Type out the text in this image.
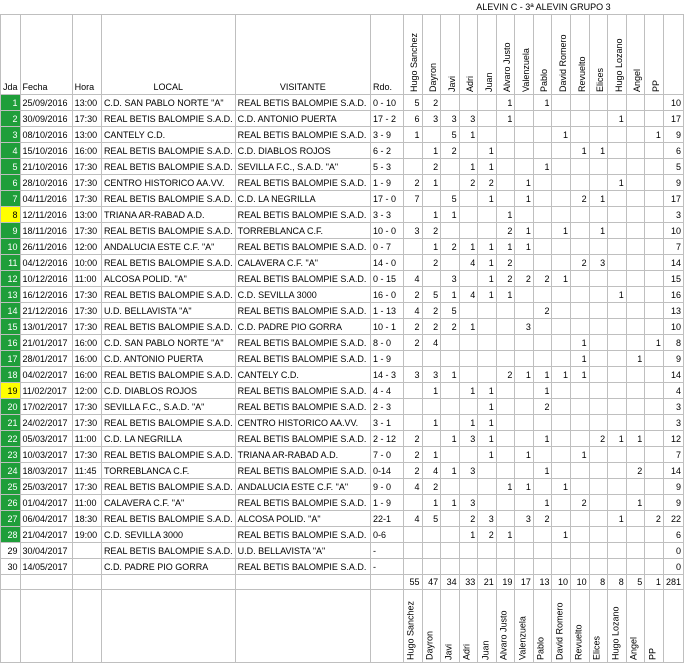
						ALEVIN C - 3ª ALEVIN GRUPO 3														
Jda	Fecha	Hora	LOCAL	VISITANTE	Rdo.	Hugo Sanchez	Dayron	Javi	Adri	Juan	Alvaro Justo	Valenzuela	Pablo	David Romero	Revuelto	Elices	Hugo Lozano	Angel	PP	
1	25/09/2016	13:00	C.D. SAN PABLO NORTE "A"	REAL BETIS BALOMPIE S.A.D.	0 - 10	5	2				1		1							10
2	30/09/2016	17:30	REAL BETIS BALOMPIE S.A.D.	C.D. ANTONIO PUERTA	17 - 2	6	3	3	3		1						1			17
3	08/10/2016	13:00	CANTELY C.D.	REAL BETIS BALOMPIE S.A.D.	3 - 9	1		5	1					1					1	9
4	15/10/2016	16:00	REAL BETIS BALOMPIE S.A.D.	C.D. DIABLOS ROJOS	6 - 2		1	2		1					1	1				6
5	21/10/2016	17:30	REAL BETIS BALOMPIE S.A.D.	SEVILLA F.C., S.A.D. "A"	5 - 3		2		1	1			1							5
6	28/10/2016	17:30	CENTRO HISTORICO AA.VV.	REAL BETIS BALOMPIE S.A.D.	1 - 9	2	1		2	2		1					1			9
7	04/11/2016	17:30	REAL BETIS BALOMPIE S.A.D.	C.D. LA NEGRILLA	17 - 0	7		5		1		1			2	1				17
8	12/11/2016	13:00	TRIANA AR-RABAD A.D.	REAL BETIS BALOMPIE S.A.D.	3 - 3		1	1			1									3
9	18/11/2016	17:30	REAL BETIS BALOMPIE S.A.D.	TORREBLANCA C.F.	10 - 0	3	2				2	1		1		1				10
10	26/11/2016	12:00	ANDALUCIA ESTE C.F. "A"	REAL BETIS BALOMPIE S.A.D.	0 - 7		1	2	1	1	1	1								7
11	04/12/2016	10:00	REAL BETIS BALOMPIE S.A.D.	CALAVERA C.F. "A"	14 - 0		2		4	1	2				2	3				14
12	10/12/2016	11:00	ALCOSA POLID. "A"	REAL BETIS BALOMPIE S.A.D.	0 - 15	4		3		1	2	2	2	1						15
13	16/12/2016	17:30	REAL BETIS BALOMPIE S.A.D.	C.D. SEVILLA 3000	16 - 0	2	5	1	4	1	1						1			16
14	21/12/2016	17:30	U.D. BELLAVISTA "A"	REAL BETIS BALOMPIE S.A.D.	1 - 13	4	2	5					2							13
15	13/01/2017	17:30	REAL BETIS BALOMPIE S.A.D.	C.D. PADRE PIO GORRA	10 - 1	2	2	2	1			3								10
16	21/01/2017	16:00	C.D. SAN PABLO NORTE "A"	REAL BETIS BALOMPIE S.A.D.	8 - 0	2	4								1				1	8
17	28/01/2017	16:00	C.D. ANTONIO PUERTA	REAL BETIS BALOMPIE S.A.D.	1 - 9										1			1		9
18	04/02/2017	16:00	REAL BETIS BALOMPIE S.A.D.	CANTELY C.D.	14 - 3	3	3	1			2	1	1	1	1					14
19	11/02/2017	12:00	C.D. DIABLOS ROJOS	REAL BETIS BALOMPIE S.A.D.	4 - 4		1		1	1			1							4
20	17/02/2017	17:30	SEVILLA F.C., S.A.D. "A"	REAL BETIS BALOMPIE S.A.D.	2 - 3					1			2							3
21	24/02/2017	17:30	REAL BETIS BALOMPIE S.A.D.	CENTRO HISTORICO AA.VV.	3 - 1		1		1	1										3
22	05/03/2017	11:00	C.D. LA NEGRILLA	REAL BETIS BALOMPIE S.A.D.	2 - 12	2		1	3	1			1			2	1	1		12
23	10/03/2017	17:30	REAL BETIS BALOMPIE S.A.D.	TRIANA AR-RABAD A.D.	7 - 0	2	1			1		1			1					7
24	18/03/2017	11:45	TORREBLANCA C.F.	REAL BETIS BALOMPIE S.A.D.	0-14	2	4	1	3				1					2		14
25	25/03/2017	17:30	REAL BETIS BALOMPIE S.A.D.	ANDALUCIA ESTE C.F. "A"	9 - 0	4	2				1	1		1						9
26	01/04/2017	11:00	CALAVERA C.F. "A"	REAL BETIS BALOMPIE S.A.D.	1 - 9		1	1	3				1		2			1		9
27	06/04/2017	18:30	REAL BETIS BALOMPIE S.A.D.	ALCOSA POLID. "A"	22-1	4	5		2	3		3	2				1		2	22
28	21/04/2017	19:00	C.D. SEVILLA 3000	REAL BETIS BALOMPIE S.A.D.	0-6				1	2	1			1						6
29	30/04/2017		REAL BETIS BALOMPIE S.A.D.	U.D. BELLAVISTA "A"	-															0
30	14/05/2017		C.D. PADRE PIO GORRA	REAL BETIS BALOMPIE S.A.D.	-															0
						55	47	34	33	21	19	17	13	10	10	8	8	5	1	281
						Hugo Sanchez	Dayron	Javi	Adri	Juan	Alvaro Justo	Valenzuela	Pablo	David Romero	Revuelto	Elices	Hugo Lozano	Angel	PP	
